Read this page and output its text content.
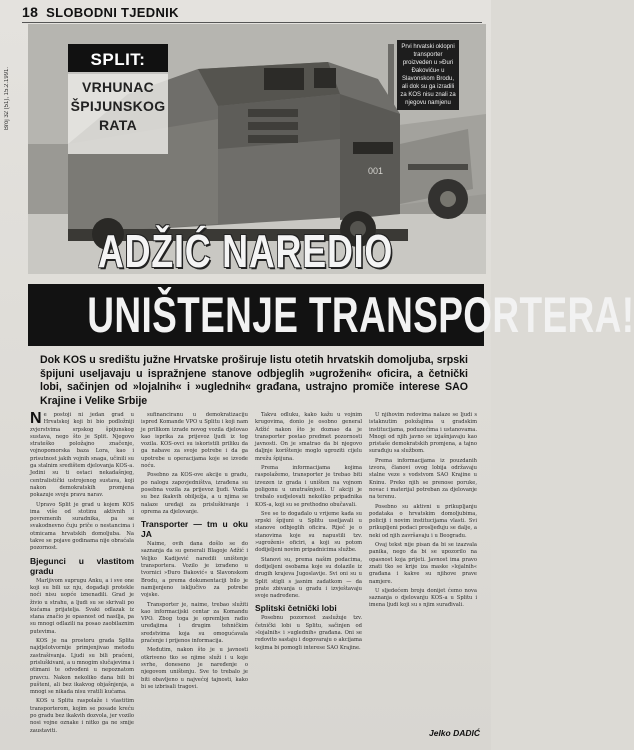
Broj 32 (51), 15.2.1991.
18 SLOBODNI TJEDNIK
001
SPLIT:
VRHUNAC ŠPIJUNSKOG RATA
Prvi hrvatski oklopni transporter proizveden u »Đuri Đakoviću« u Slavonskom Brodu, ali dok su ga izradili za KOS nisu znali za njegovu namjenu
ADŽIĆ NAREDIO
UNIŠTENJE TRANSPORTERA!
Dok KOS u središtu južne Hrvatske proširuje listu otetih hrvatskih domoljuba, srpski špijuni useljavaju u ispražnjene stanove odbjeglih »ugroženih« oficira, a četnički lobi, sačinjen od »lojalnih« i »uglednih« građana, ustrajno promiče interese SAO Krajine i Velike Srbije

Ne postoji ni jedan grad u Hrvatskoj koji bi bio podložniji zvjerstvima srpskog špijunskog sustava, nego što je Split. Njegovo strateško položajno značenje, vojnopomorska baza Lora, kao i prisutnost jakih vojnih snaga, učinili su ga stalnim središtem djelovanja KOS-a. Jedini su ti ostaci nekadašnjeg, centralistički ustrojenog sustava, koji nakon demokratskih promjena pokazuje svoju pravu narav.

Upravo Split je grad u kojem KOS ima više od stotinu aktivnih i povremenih suradnika, pa se svakodnevno čuju priče o nestancima i otmicama hrvatskih domoljuba. Na takve se pojave godinama nije obraćala pozornost.

Bjegunci u vlastitom gradu

Marljivom suprugu Anku, a i sve one koji su bili uz nju, događaji protekle noći nisu uopće iznenadili. Grad je živio u strahu, a ljudi su se skrivali po kućama prijatelja. Svaki odlazak iz stana značio je opasnost od nasilja, pa su mnogi odlazili na posao zaobilaznim putevima.

KOS je na prostoru grada Splita najdjelotvornije primjenjivao metodu zastrašivanja. Ljudi su bili praćeni, prisluškivani, a u mnogim slučajevima i otimani te odvođeni u nepoznatom pravcu. Nakon nekoliko dana bili bi pušteni, ali bez ikakvog objašnjenja, a mnogi se nikada nisu vratili kućama.

KOS u Splitu raspolaže i vlastitim transporterom, kojim se posade kreću po gradu bez ikakvih dozvola, jer vozilo nosi vojne oznake i nitko ga ne smije zaustaviti.

sufinanciranu u demokratizaciju ispred Komande VPO u Splitu i koji nam je prilikom izrade novog vozila djelovao kao isprika za prijevoz ljudi iz tog vozila. KOS-ovci su iskoristili priliku da ga nabave za svoje potrebe i da ga upotrebe u operacijama koje se izvode noću.

Posebno za KOS-ove akcije u gradu, po nalogu zapovjedništva, izrađena su posebna vozila za prijevoz ljudi. Vozila su bez ikakvih obilježja, a u njima se nalaze uređaji za prisluškivanje i oprema za djelovanje.

Transporter — tm u oku JA

Naime, ovih dana došlo se do saznanja da su generali Blagoje Adžić i Veljko Kadijević naredili uništenje transportera. Vozilo je izrađeno u tvornici »Đuro Đaković« u Slavonskom Brodu, a prema dokumentaciji bilo je namijenjeno isključivo za potrebe vojske.

Transporter je, naime, trebao služiti kao informacijski centar za Komandu VPO. Zbog toga je opremljen radio uređajima i drugim tehničkim sredstvima koja su omogućavala praćenje i prijenos informacija.

Međutim, nakon što je u javnosti otkriveno tko se njime služi i u koje svrhe, doneseno je naređenje o njegovom uništenju. Sve to trebalo je biti obavljeno u najvećoj tajnosti, kako bi se izbrisali tragovi.

Takvu odluku, kako kažu u vojnim krugovima, donio je osobno general Adžić nakon što je doznao da je transporter postao predmet pozornosti javnosti. On je smatrao da bi njegovo daljnje korištenje moglo ugroziti cijelu mrežu špijuna.

Prema informacijama kojima raspolažemo, transporter je trebao biti izvezen iz grada i uništen na vojnom poligonu u unutrašnjosti. U akciji je trebalo sudjelovati nekoliko pripadnika KOS-a, koji su se prethodno obučavali.

Sve se to događalo u vrijeme kada su srpski špijuni u Splitu useljavali u stanove odbjeglih oficira. Riječ je o stanovima koje su napustili tzv. »ugroženi« oficiri, a koji su potom dodijeljeni novim pripadnicima službe.

Stanovi su, prema našim podacima, dodijeljeni osobama koje su dolazile iz drugih krajeva Jugoslavije. Svi oni su u Split stigli s jasnim zadatkom — da prate zbivanja u gradu i izvještavaju svoje nadređene.

Splitski četnički lobi

Posebnu pozornost zaslužuje tzv. četnički lobi u Splitu, sačinjen od »lojalnih« i »uglednih« građana. Oni se redovito sastaju i dogovaraju o akcijama kojima bi pomogli interese SAO Krajine.

U njihovim redovima nalaze se ljudi s istaknutim položajima u gradskim institucijama, poduzećima i ustanovama. Mnogi od njih javno se izjašnjavaju kao pristaše demokratskih promjena, a tajno surađuju sa službom.

Prema informacijama iz pouzdanih izvora, članovi ovog lobija održavaju stalne veze s vodstvom SAO Krajine u Kninu. Preko njih se prenose poruke, novac i materijal potreban za djelovanje na terenu.

Posebno su aktivni u prikupljanju podataka o hrvatskim domoljubima, policiji i novim institucijama vlasti. Svi prikupljeni podaci prosljeđuju se dalje, a neki od njih završavaju i u Beogradu.

Ovaj tekst nije pisan da bi se izazvala panika, nego da bi se upozorilo na opasnost koja prijeti. Javnost ima pravo znati tko se krije iza maske »lojalnih« građana i kakve su njihove prave namjere.

U sljedećem broju donijet ćemo nova saznanja o djelovanju KOS-a u Splitu i imena ljudi koji su s njim surađivali.

Jelko DADIĆ
